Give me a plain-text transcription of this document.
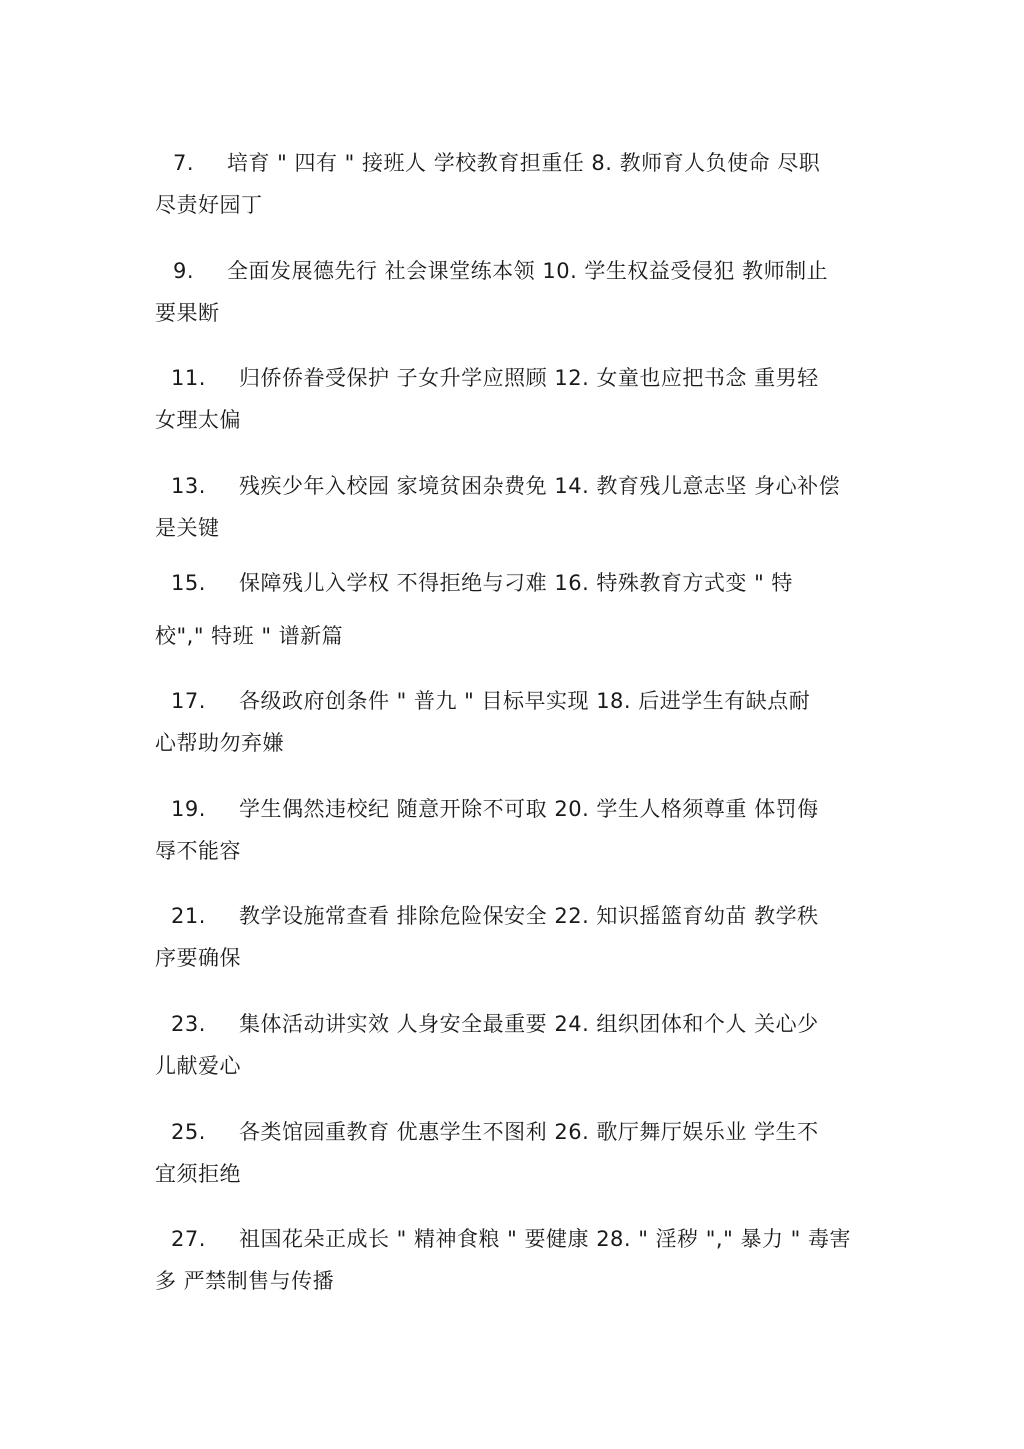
7. 培育 " 四有 " 接班人 学校教育担重任 8. 教师育人负使命 尽职
尽责好园丁
9. 全面发展德先行 社会课堂练本领 10. 学生权益受侵犯 教师制止
要果断
11. 归侨侨眷受保护 子女升学应照顾 12. 女童也应把书念 重男轻
女理太偏
13. 残疾少年入校园 家境贫困杂费免 14. 教育残儿意志坚 身心补偿
是关键
15. 保障残儿入学权 不得拒绝与刁难 16. 特殊教育方式变 " 特
校"," 特班 " 谱新篇
17. 各级政府创条件 " 普九 " 目标早实现 18. 后进学生有缺点耐
心帮助勿弃嫌
19. 学生偶然违校纪 随意开除不可取 20. 学生人格须尊重 体罚侮
辱不能容
21. 教学设施常查看 排除危险保安全 22. 知识摇篮育幼苗 教学秩
序要确保
23. 集体活动讲实效 人身安全最重要 24. 组织团体和个人 关心少
儿献爱心
25. 各类馆园重教育 优惠学生不图利 26. 歌厅舞厅娱乐业 学生不
宜须拒绝
27. 祖国花朵正成长 " 精神食粮 " 要健康 28. " 淫秽 "," 暴力 " 毒害
多 严禁制售与传播
